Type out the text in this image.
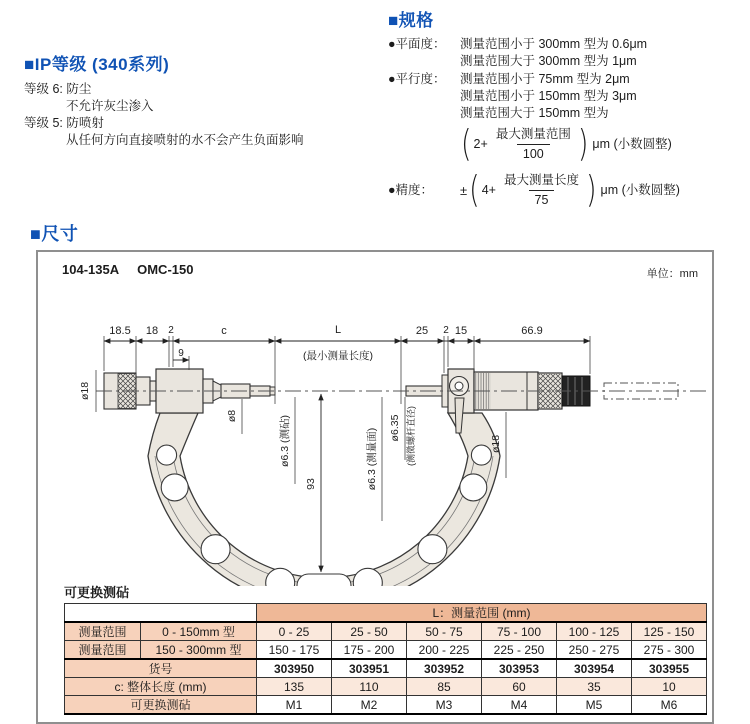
■IP等级 (340系列)
等级 6: 防尘
不允许灰尘渗入
等级 5: 防喷射
从任何方向直接喷射的水不会产生负面影响
■规格
●平面度：	测量范围小于 300mm 型为 0.6μm
测量范围大于 300mm 型为 1μm
●平行度：	测量范围小于 75mm 型为 2μm
测量范围小于 150mm 型为 3μm
测量范围大于 150mm 型为
( $2+ \frac{\text{最大测量范围}}{100}$ ) μm (小数圆整)
●精度：	± ( $4+ \frac{\text{最大测量长度}}{75}$ ) μm (小数圆整)
■尺寸
104-135A OMC-150	单位：mm
18.5 18 2	c
9
L
(最小测量长度)
25 2 15	66.9
ø18
ø8	ø6.3 (测砧)
93	ø6.3 (测量面) ø6.35 (测微螺杆直径)	ø18
可更换测砧
		L：测量范围 (mm)					
测量范围	0 - 150mm 型	0 - 25	25 - 50	50 - 75	75 - 100	100 - 125	125 - 150
测量范围	150 - 300mm 型	150 - 175	175 - 200	200 - 225	225 - 250	250 - 275	275 - 300
货号		303950	303951	303952	303953	303954	303955
c: 整体长度 (mm)		135	110	85	60	35	10
可更换测砧		M1	M2	M3	M4	M5	M6
